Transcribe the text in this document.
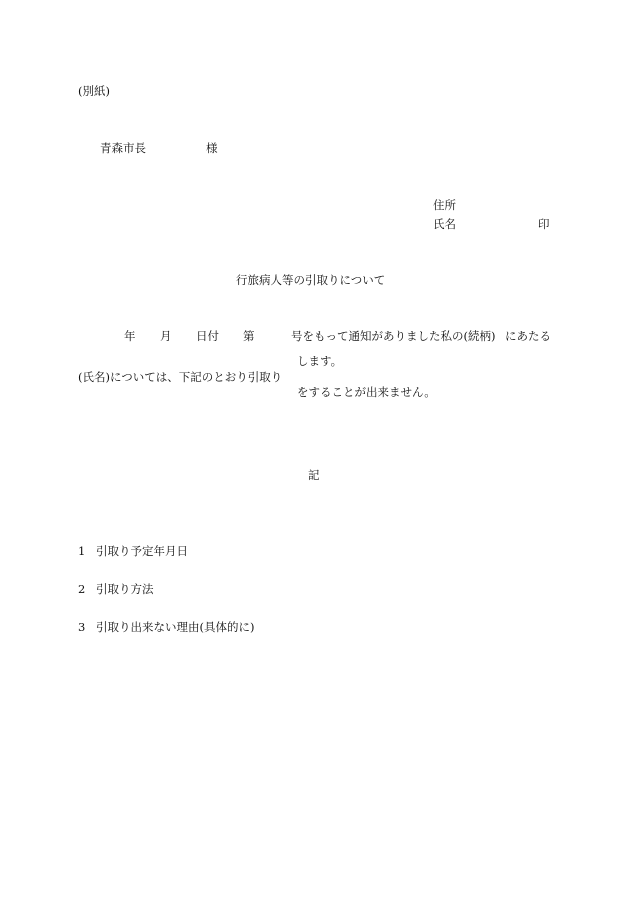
(別紙)
青森市長	様
住所
氏名	印
行旅病人等の引取りについて
年 月 日付 第	号をもって通知がありました私の(続柄) にあたる
します。
(氏名)については、下記のとおり引取り
をすることが出来ません。
記
1 引取り予定年月日
2 引取り方法
3 引取り出来ない理由(具体的に)
